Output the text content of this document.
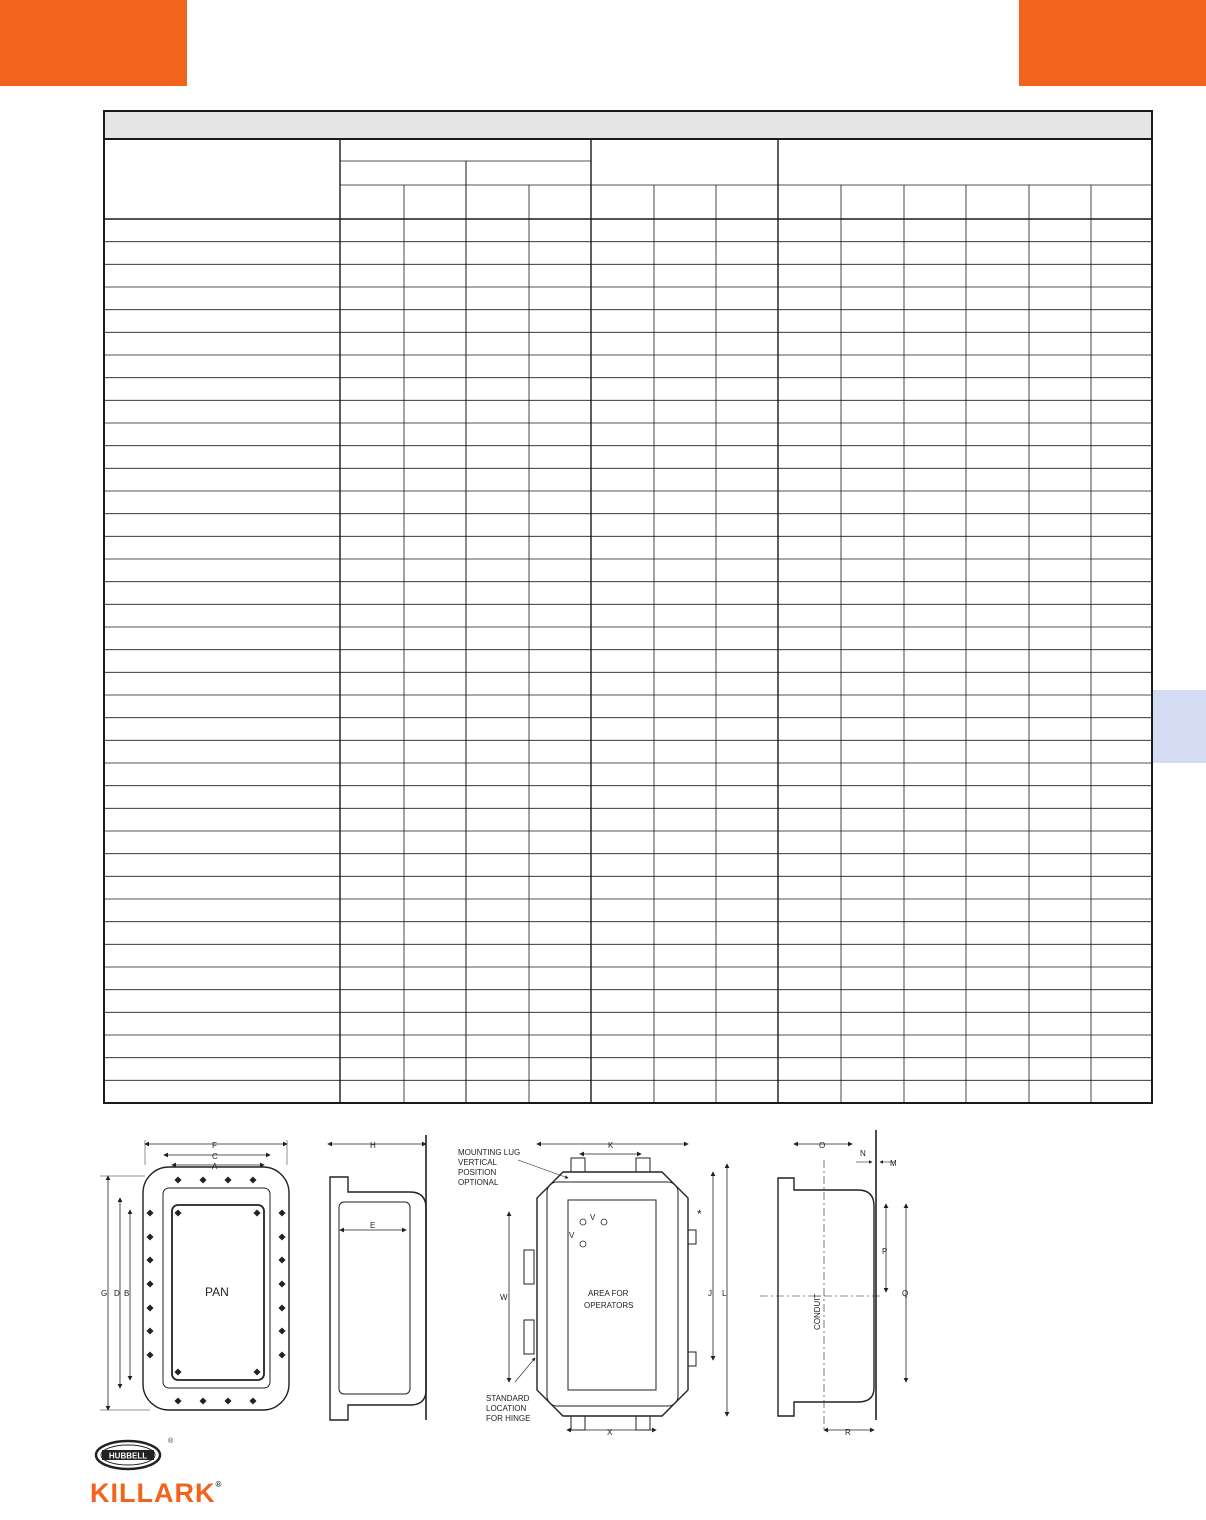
F
C
A
G D B	PAN
H
E
K
V
V
W	J L
X
*
MOUNTING LUG
VERTICAL
POSITION
OPTIONAL
AREA FOR
OPERATORS
STANDARD
LOCATION
FOR HINGE
O
N
M
P
Q
R
CONDUIT
HUBBELL
®
KILLARK®
